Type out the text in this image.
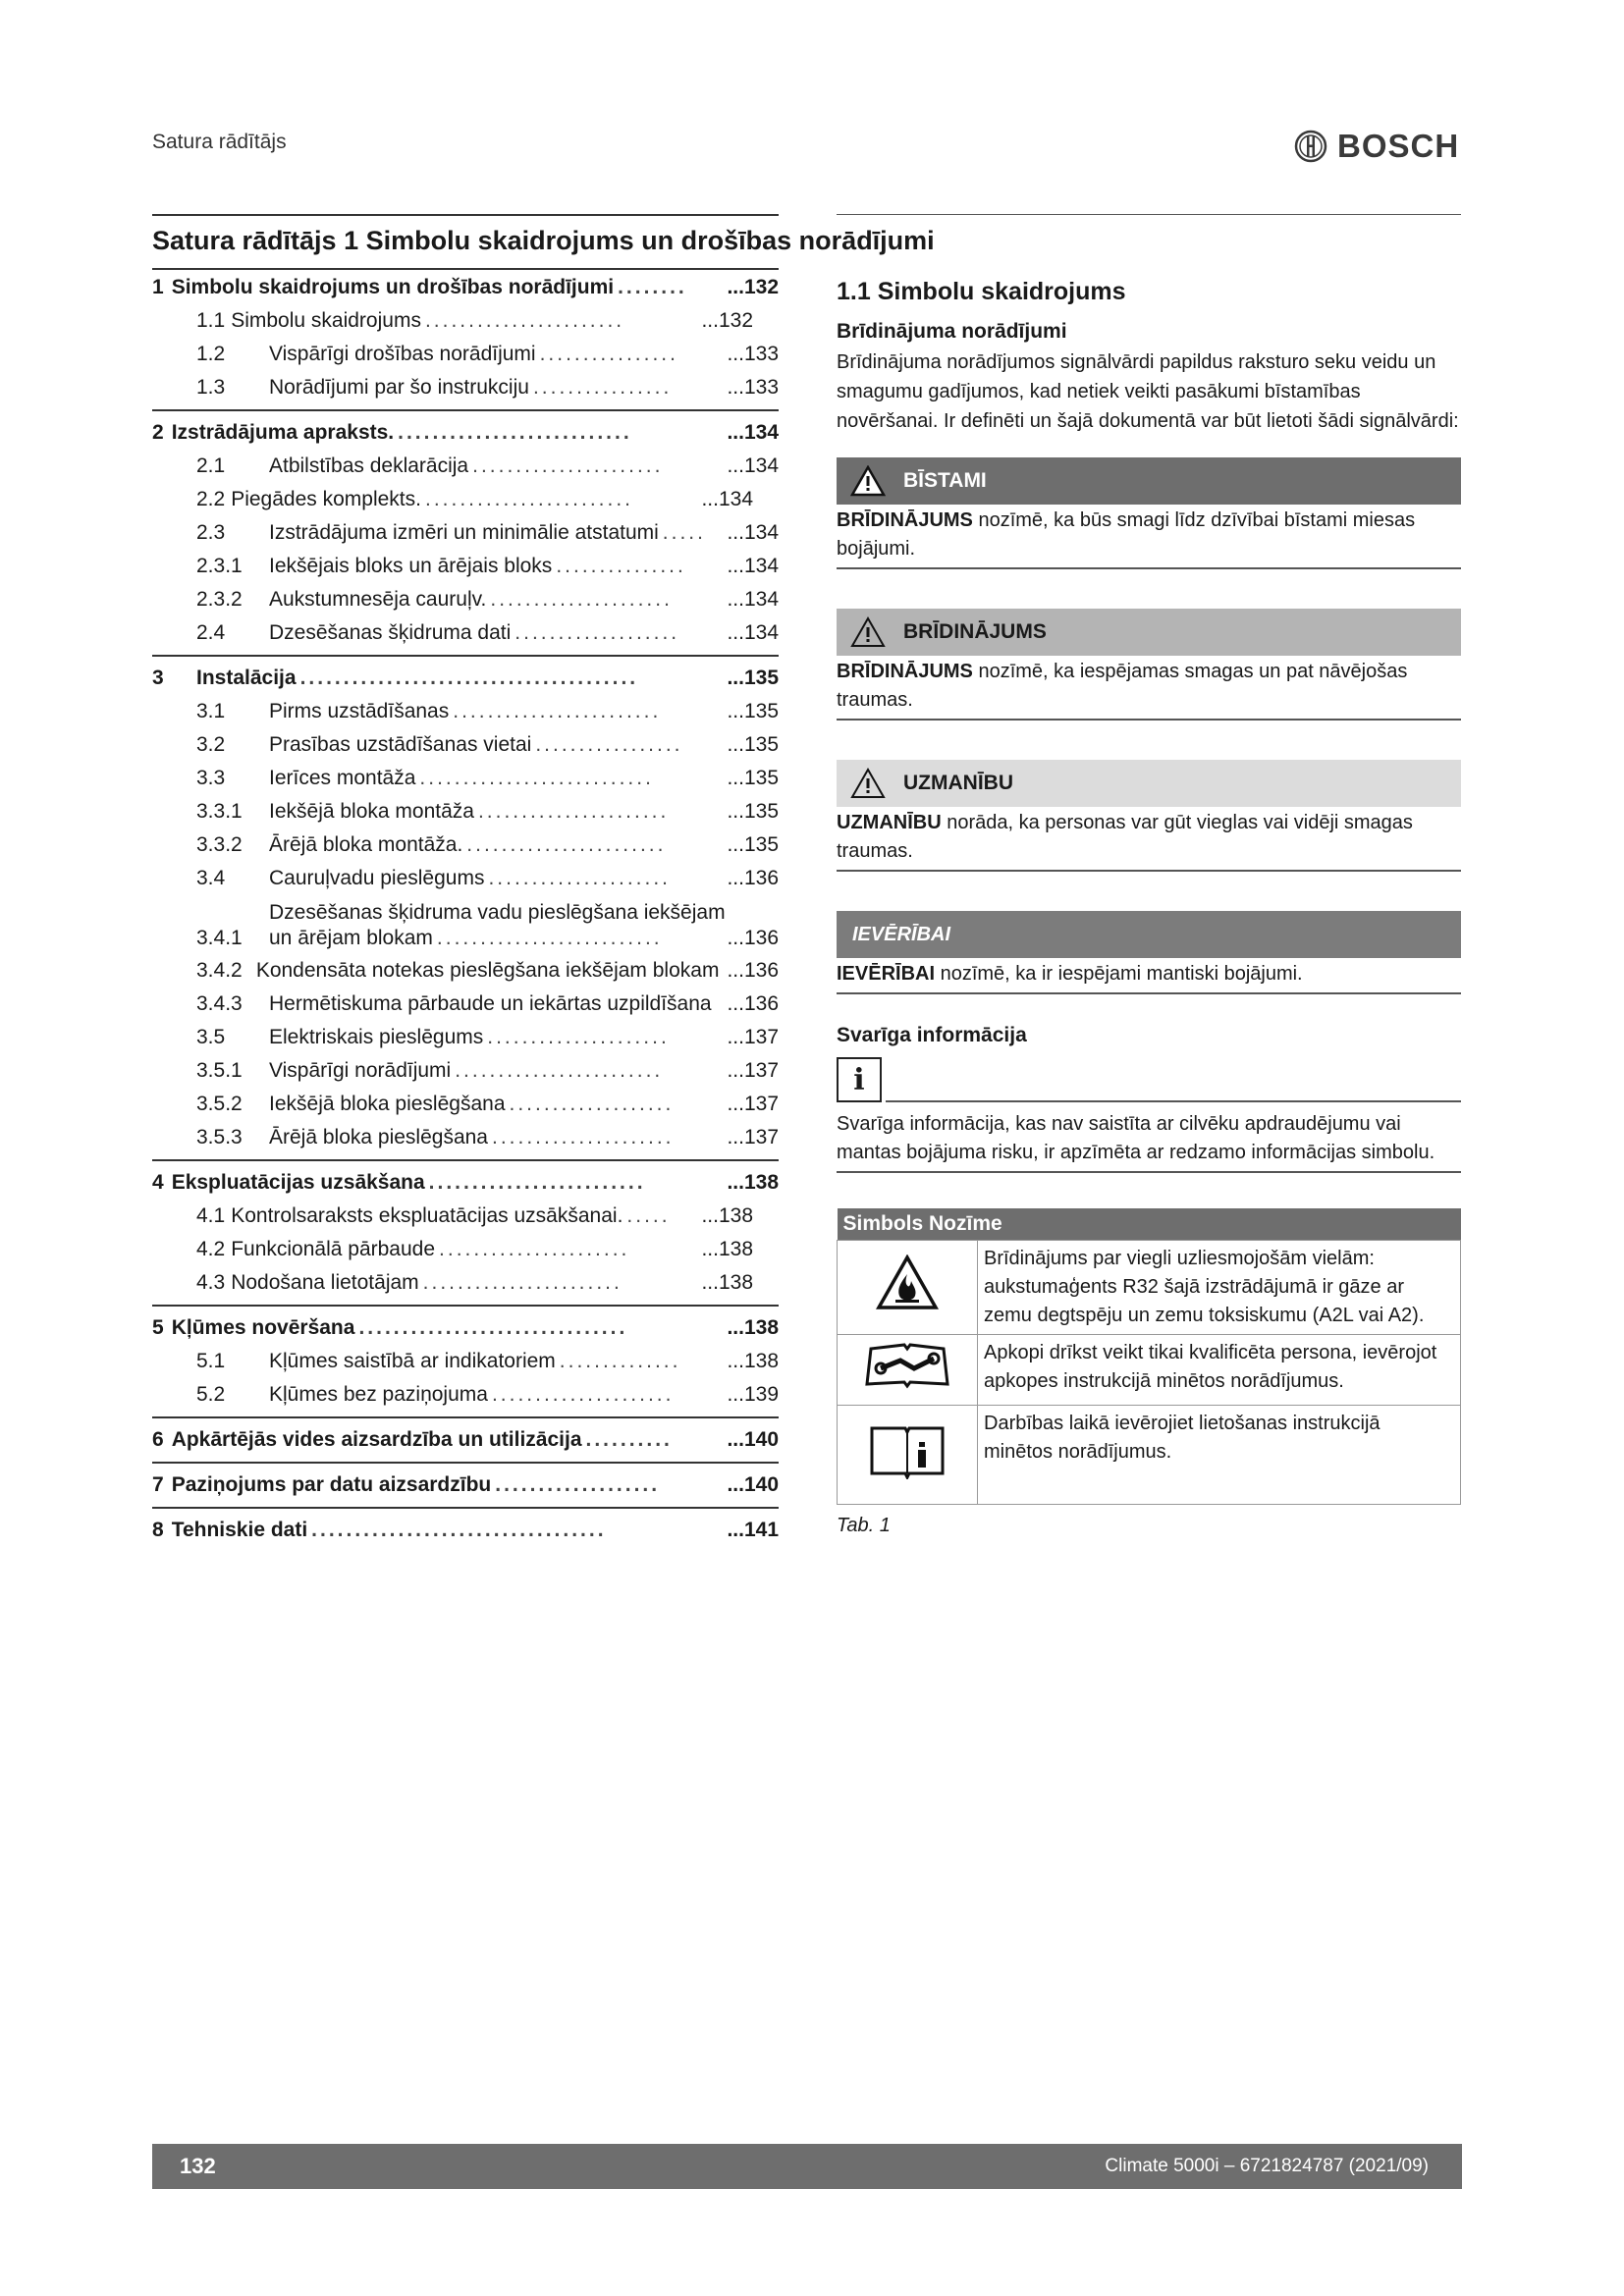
Satura rādītājs	BOSCH
Satura rādītājs 1 Simbolu skaidrojums un drošības norādījumi
1 Simbolu skaidrojums un drošības norādījumi ........	...132
1.1 Simbolu skaidrojums .......................	...132
1.2	Vispārīgi drošības norādījumi ................	...133
1.3	Norādījumi par šo instrukciju ................	...133
2 Izstrādājuma apraksts. ...........................	...134
2.1	Atbilstības deklarācija ......................	...134
2.2 Piegādes komplekts. ........................	...134
2.3	Izstrādājuma izmēri un minimālie atstatumi .....	...134
2.3.1	Iekšējais bloks un ārējais bloks ...............	...134
2.3.2	Aukstumnesēja cauruļv. .....................	...134
2.4	Dzesēšanas šķidruma dati ...................	...134
3	Instalācija .......................................	...135
3.1	Pirms uzstādīšanas ........................	...135
3.2	Prasības uzstādīšanas vietai .................	...135
3.3	Ierīces montāža ...........................	...135
3.3.1	Iekšējā bloka montāža ......................	...135
3.3.2	Ārējā bloka montāža. .......................	...135
3.4	Cauruļvadu pieslēgums .....................	...136
3.4.1
Dzesēšanas šķidruma vadu pieslēgšana iekšējam
un ārējam blokam ..........................	...136
3.4.2 Kondensāta notekas pieslēgšana iekšējam blokam ...136
3.4.3	Hermētiskuma pārbaude un iekārtas uzpildīšana ...136
3.5	Elektriskais pieslēgums .....................	...137
3.5.1	Vispārīgi norādījumi ........................	...137
3.5.2	Iekšējā bloka pieslēgšana ...................	...137
3.5.3	Ārējā bloka pieslēgšana .....................	...137
4 Ekspluatācijas uzsākšana .........................	...138
4.1 Kontrolsaraksts ekspluatācijas uzsākšanai. .....	...138
4.2 Funkcionālā pārbaude ......................	...138
4.3 Nodošana lietotājam .......................	...138
5 Kļūmes novēršana ...............................	...138
5.1	Kļūmes saistībā ar indikatoriem ..............	...138
5.2	Kļūmes bez paziņojuma .....................	...139
6 Apkārtējās vides aizsardzība un utilizācija ..........	...140
7 Paziņojums par datu aizsardzību ...................	...140
8 Tehniskie dati ..................................	...141
1.1 Simbolu skaidrojums
Brīdinājuma norādījumi
Brīdinājuma norādījumos signālvārdi papildus raksturo seku veidu un smagumu gadījumos, kad netiek veikti pasākumi bīstamības novēršanai. Ir definēti un šajā dokumentā var būt lietoti šādi signālvārdi:
BĪSTAMI
BRĪDINĀJUMS nozīmē, ka būs smagi līdz dzīvībai bīstami miesas bojājumi.
BRĪDINĀJUMS
BRĪDINĀJUMS nozīmē, ka iespējamas smagas un pat nāvējošas traumas.
UZMANĪBU
UZMANĪBU norāda, ka personas var gūt vieglas vai vidēji smagas traumas.
IEVĒRĪBAI
IEVĒRĪBAI nozīmē, ka ir iespējami mantiski bojājumi.
Svarīga informācija
i
Svarīga informācija, kas nav saistīta ar cilvēku apdraudējumu vai mantas bojājuma risku, ir apzīmēta ar redzamo informācijas simbolu.
Simbols Nozīme	
	Brīdinājums par viegli uzliesmojošām vielām: aukstumaģents R32 šajā izstrādājumā ir gāze ar zemu degtspēju un zemu toksiskumu (A2L vai A2).
	Apkopi drīkst veikt tikai kvalificēta persona, ievērojot apkopes instrukcijā minētos norādījumus.
	Darbības laikā ievērojiet lietošanas instrukcijā minētos norādījumus.
Tab. 1
132	Climate 5000i – 6721824787 (2021/09)
